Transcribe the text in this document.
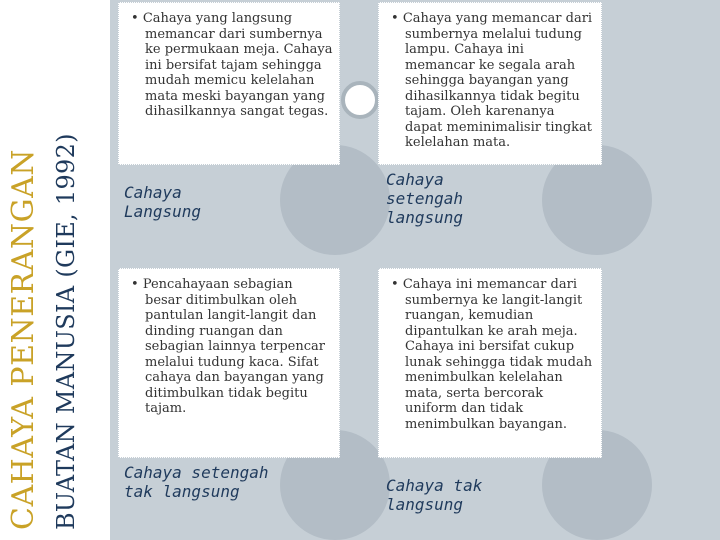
CAHAYA PENERANGAN BUATAN MANUSIA (GIE, 1992)
• Cahaya yang langsung memancar dari sumbernya ke permukaan meja. Cahaya ini bersifat tajam sehingga mudah memicu kelelahan mata meski bayangan yang dihasilkannya sangat tegas.
Cahaya Langsung
• Cahaya yang memancar dari sumbernya melalui tudung lampu. Cahaya ini memancar ke segala arah sehingga bayangan yang dihasilkannya tidak begitu tajam. Oleh karenanya dapat meminimalisir tingkat kelelahan mata.
Cahaya setengah langsung
• Pencahayaan sebagian besar ditimbulkan oleh pantulan langit-langit dan dinding ruangan dan sebagian lainnya terpencar melalui tudung kaca. Sifat cahaya dan bayangan yang ditimbulkan tidak begitu tajam.
Cahaya setengah tak langsung
• Cahaya ini memancar dari sumbernya ke langit-langit ruangan, kemudian dipantulkan ke arah meja. Cahaya ini bersifat cukup lunak sehingga tidak mudah menimbulkan kelelahan mata, serta bercorak uniform dan tidak menimbulkan bayangan.
Cahaya tak langsung
